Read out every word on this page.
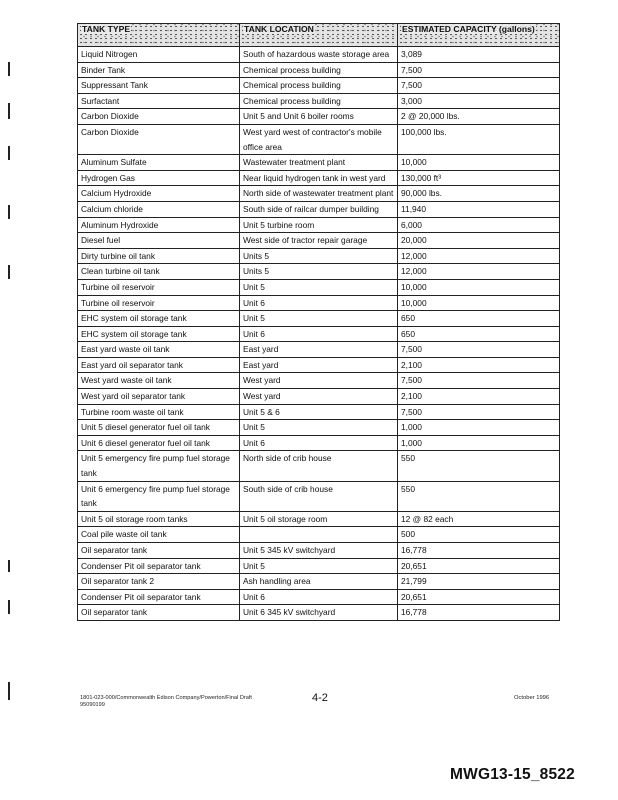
TANK TYPE	TANK LOCATION	ESTIMATED CAPACITY (gallons)
Liquid Nitrogen	South of hazardous waste storage area	3,089
Binder Tank	Chemical process building	7,500
Suppressant Tank	Chemical process building	7,500
Surfactant	Chemical process building	3,000
Carbon Dioxide	Unit 5 and Unit 6 boiler rooms	2 @ 20,000 lbs.
Carbon Dioxide	West yard west of contractor's mobile office area	100,000 lbs.
Aluminum Sulfate	Wastewater treatment plant	10,000
Hydrogen Gas	Near liquid hydrogen tank in west yard	130,000 ft³
Calcium Hydroxide	North side of wastewater treatment plant	90,000 lbs.
Calcium chloride	South side of railcar dumper building	11,940
Aluminum Hydroxide	Unit 5 turbine room	6,000
Diesel fuel	West side of tractor repair garage	20,000
Dirty turbine oil tank	Units 5	12,000
Clean turbine oil tank	Units 5	12,000
Turbine oil reservoir	Unit 5	10,000
Turbine oil reservoir	Unit 6	10,000
EHC system oil storage tank	Unit 5	650
EHC system oil storage tank	Unit 6	650
East yard waste oil tank	East yard	7,500
East yard oil separator tank	East yard	2,100
West yard waste oil tank	West yard	7,500
West yard oil separator tank	West yard	2,100
Turbine room waste oil tank	Unit 5 & 6	7,500
Unit 5 diesel generator fuel oil tank	Unit 5	1,000
Unit 6 diesel generator fuel oil tank	Unit 6	1,000
Unit 5 emergency fire pump fuel storage tank	North side of crib house	550
Unit 6 emergency fire pump fuel storage tank	South side of crib house	550
Unit 5 oil storage room tanks	Unit 5 oil storage room	12 @ 82 each
Coal pile waste oil tank		500
Oil separator tank	Unit 5 345 kV switchyard	16,778
Condenser Pit oil separator tank	Unit 5	20,651
Oil separator tank 2	Ash handling area	21,799
Condenser Pit oil separator tank	Unit 6	20,651
Oil separator tank	Unit 6 345 kV switchyard	16,778
1801-023-000/Commonwealth Edison Company/Powerton/Final Draft
95090199
4-2	October 1996
MWG13-15_8522
